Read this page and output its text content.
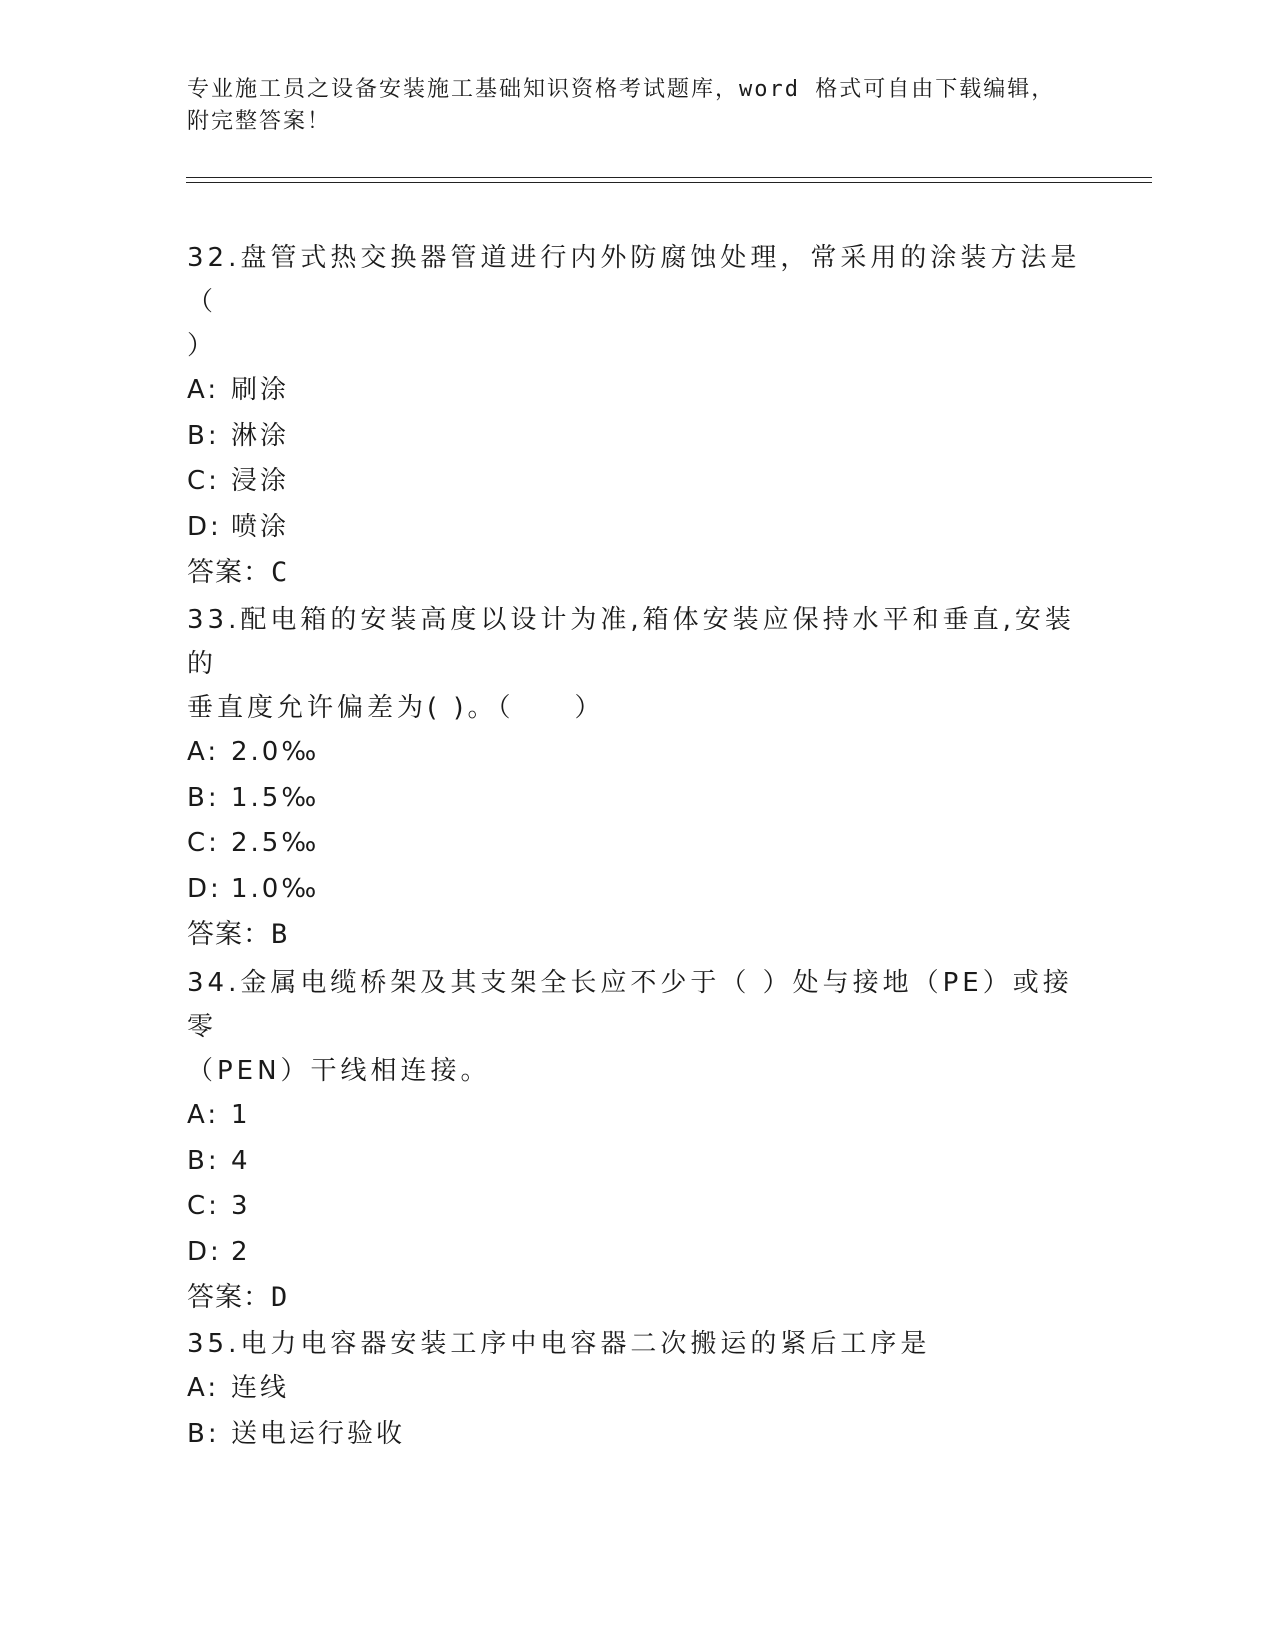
专业施工员之设备安装施工基础知识资格考试题库，word 格式可自由下载编辑，
附完整答案！

32.盘管式热交换器管道进行内外防腐蚀处理，常采用的涂装方法是（
）

A: 刷涂

B: 淋涂

C: 浸涂

D: 喷涂

答案：C

33.配电箱的安装高度以设计为准,箱体安装应保持水平和垂直,安装的
垂直度允许偏差为( )。（　　）

A: 2.0‰

B: 1.5‰

C: 2.5‰

D: 1.0‰

答案：B

34.金属电缆桥架及其支架全长应不少于（ ）处与接地（PE）或接零
（PEN）干线相连接。

A: 1

B: 4

C: 3

D: 2

答案：D

35.电力电容器安装工序中电容器二次搬运的紧后工序是

A: 连线

B: 送电运行验收
